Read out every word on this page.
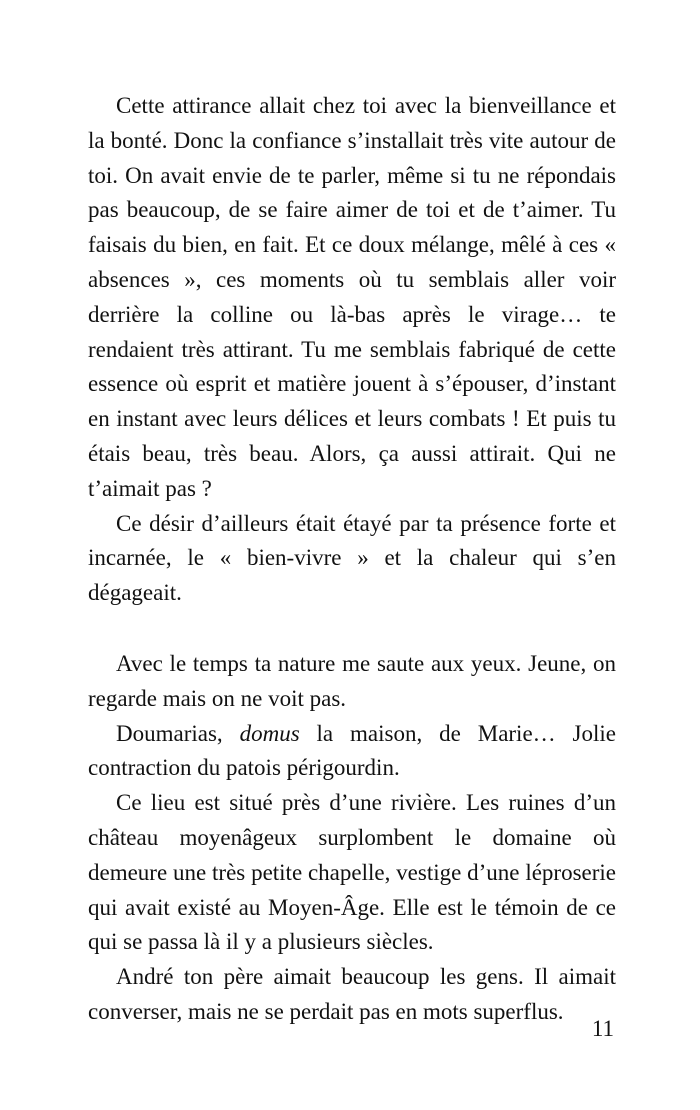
Cette attirance allait chez toi avec la bienveillance et la bonté. Donc la confiance s’installait très vite autour de toi. On avait envie de te parler, même si tu ne répondais pas beaucoup, de se faire aimer de toi et de t’aimer. Tu faisais du bien, en fait. Et ce doux mélange, mêlé à ces « absences », ces moments où tu semblais aller voir derrière la colline ou là-bas après le virage… te rendaient très attirant. Tu me semblais fabriqué de cette essence où esprit et matière jouent à s’épouser, d’instant en instant avec leurs délices et leurs combats ! Et puis tu étais beau, très beau. Alors, ça aussi attirait. Qui ne t’aimait pas ?

Ce désir d’ailleurs était étayé par ta présence forte et incarnée, le « bien-vivre » et la chaleur qui s’en dégageait.

Avec le temps ta nature me saute aux yeux. Jeune, on regarde mais on ne voit pas.

Doumarias, domus la maison, de Marie… Jolie contraction du patois périgourdin.

Ce lieu est situé près d’une rivière. Les ruines d’un château moyenâgeux surplombent le domaine où demeure une très petite chapelle, vestige d’une léproserie qui avait existé au Moyen-Âge. Elle est le témoin de ce qui se passa là il y a plusieurs siècles.

André ton père aimait beaucoup les gens. Il aimait converser, mais ne se perdait pas en mots superflus.

11
